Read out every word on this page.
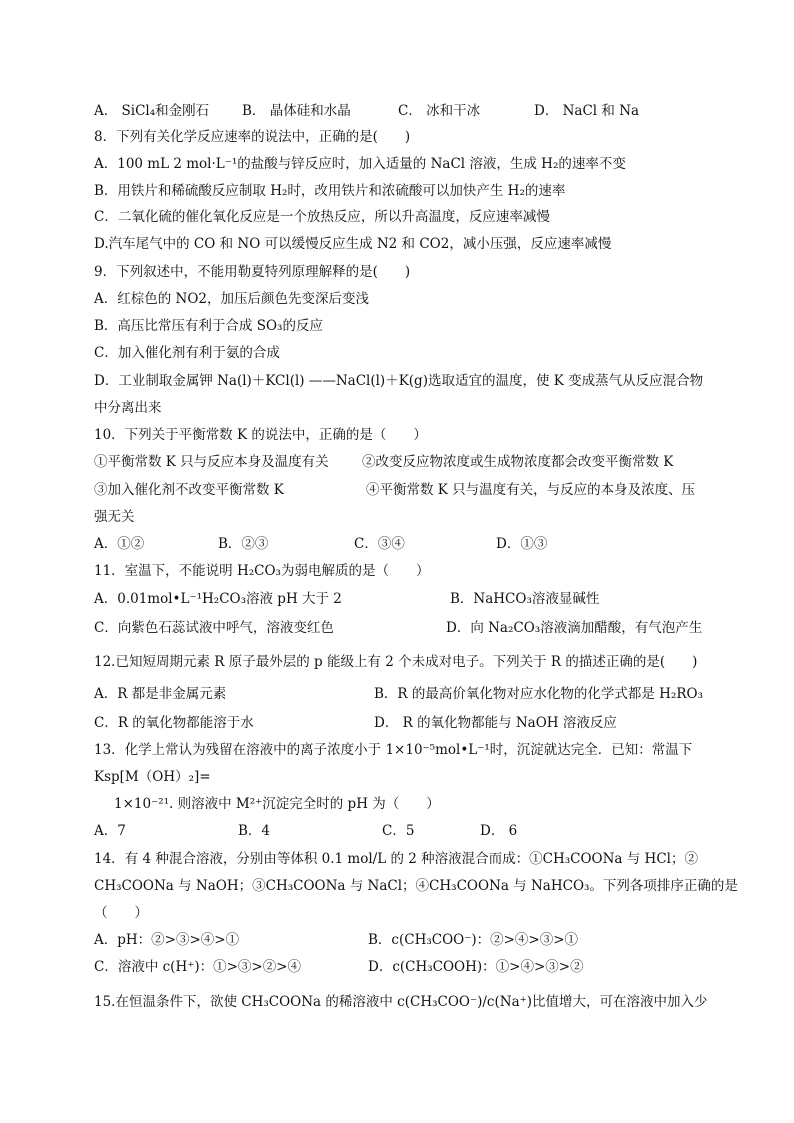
A． SiCl₄和金刚石 B． 晶体硅和水晶	C． 冰和干冰	D． NaCl 和 Na
8．下列有关化学反应速率的说法中，正确的是(　　)
A．100 mL 2 mol·L⁻¹的盐酸与锌反应时，加入适量的 NaCl 溶液，生成 H₂的速率不变
B．用铁片和稀硫酸反应制取 H₂时，改用铁片和浓硫酸可以加快产生 H₂的速率
C．二氧化硫的催化氧化反应是一个放热反应，所以升高温度，反应速率减慢
D.汽车尾气中的 CO 和 NO 可以缓慢反应生成 N2 和 CO2，减小压强，反应速率减慢
9．下列叙述中，不能用勒夏特列原理解释的是(　　)
A．红棕色的 NO2，加压后颜色先变深后变浅
B．高压比常压有利于合成 SO₃的反应
C．加入催化剂有利于氨的合成
D．工业制取金属钾 Na(l)＋KCl(l) ——NaCl(l)＋K(g)选取适宜的温度，使 K 变成蒸气从反应混合物
中分离出来
10．下列关于平衡常数 K 的说法中，正确的是（　　）
①平衡常数 K 只与反应本身及温度有关 ②改变反应物浓度或生成物浓度都会改变平衡常数 K
③加入催化剂不改变平衡常数 K	④平衡常数 K 只与温度有关，与反应的本身及浓度、压
强无关
A．①②	B．②③	C．③④	D．①③
11．室温下，不能说明 H₂CO₃为弱电解质的是（　　）
A．0.01mol•L⁻¹H₂CO₃溶液 pH 大于 2	B．NaHCO₃溶液显碱性
C．向紫色石蕊试液中呼气，溶液变红色	D．向 Na₂CO₃溶液滴加醋酸，有气泡产生
12.已知短周期元素 R 原子最外层的 p 能级上有 2 个未成对电子。下列关于 R 的描述正确的是(　　)
A．R 都是非金属元素	B．R 的最高价氧化物对应水化物的化学式都是 H₂RO₃
C．R 的氧化物都能溶于水	D． R 的氧化物都能与 NaOH 溶液反应
13．化学上常认为残留在溶液中的离子浓度小于 1×10⁻⁵mol•L⁻¹时，沉淀就达完全．已知：常温下
Ksp[M（OH）₂]=
1×10⁻²¹. 则溶液中 M²⁺沉淀完全时的 pH 为（　　）
A．7	B．4	C．5	D． 6
14．有 4 种混合溶液，分别由等体积 0.1 mol/L 的 2 种溶液混合而成：①CH₃COONa 与 HCl；②
CH₃COONa 与 NaOH；③CH₃COONa 与 NaCl；④CH₃COONa 与 NaHCO₃。下列各项排序正确的是
（　　）
A．pH：②>③>④>①	B．c(CH₃COO⁻)：②>④>③>①
C．溶液中 c(H⁺)：①>③>②>④	D．c(CH₃COOH)：①>④>③>②
15.在恒温条件下，欲使 CH₃COONa 的稀溶液中 c(CH₃COO⁻)/c(Na⁺)比值增大，可在溶液中加入少
